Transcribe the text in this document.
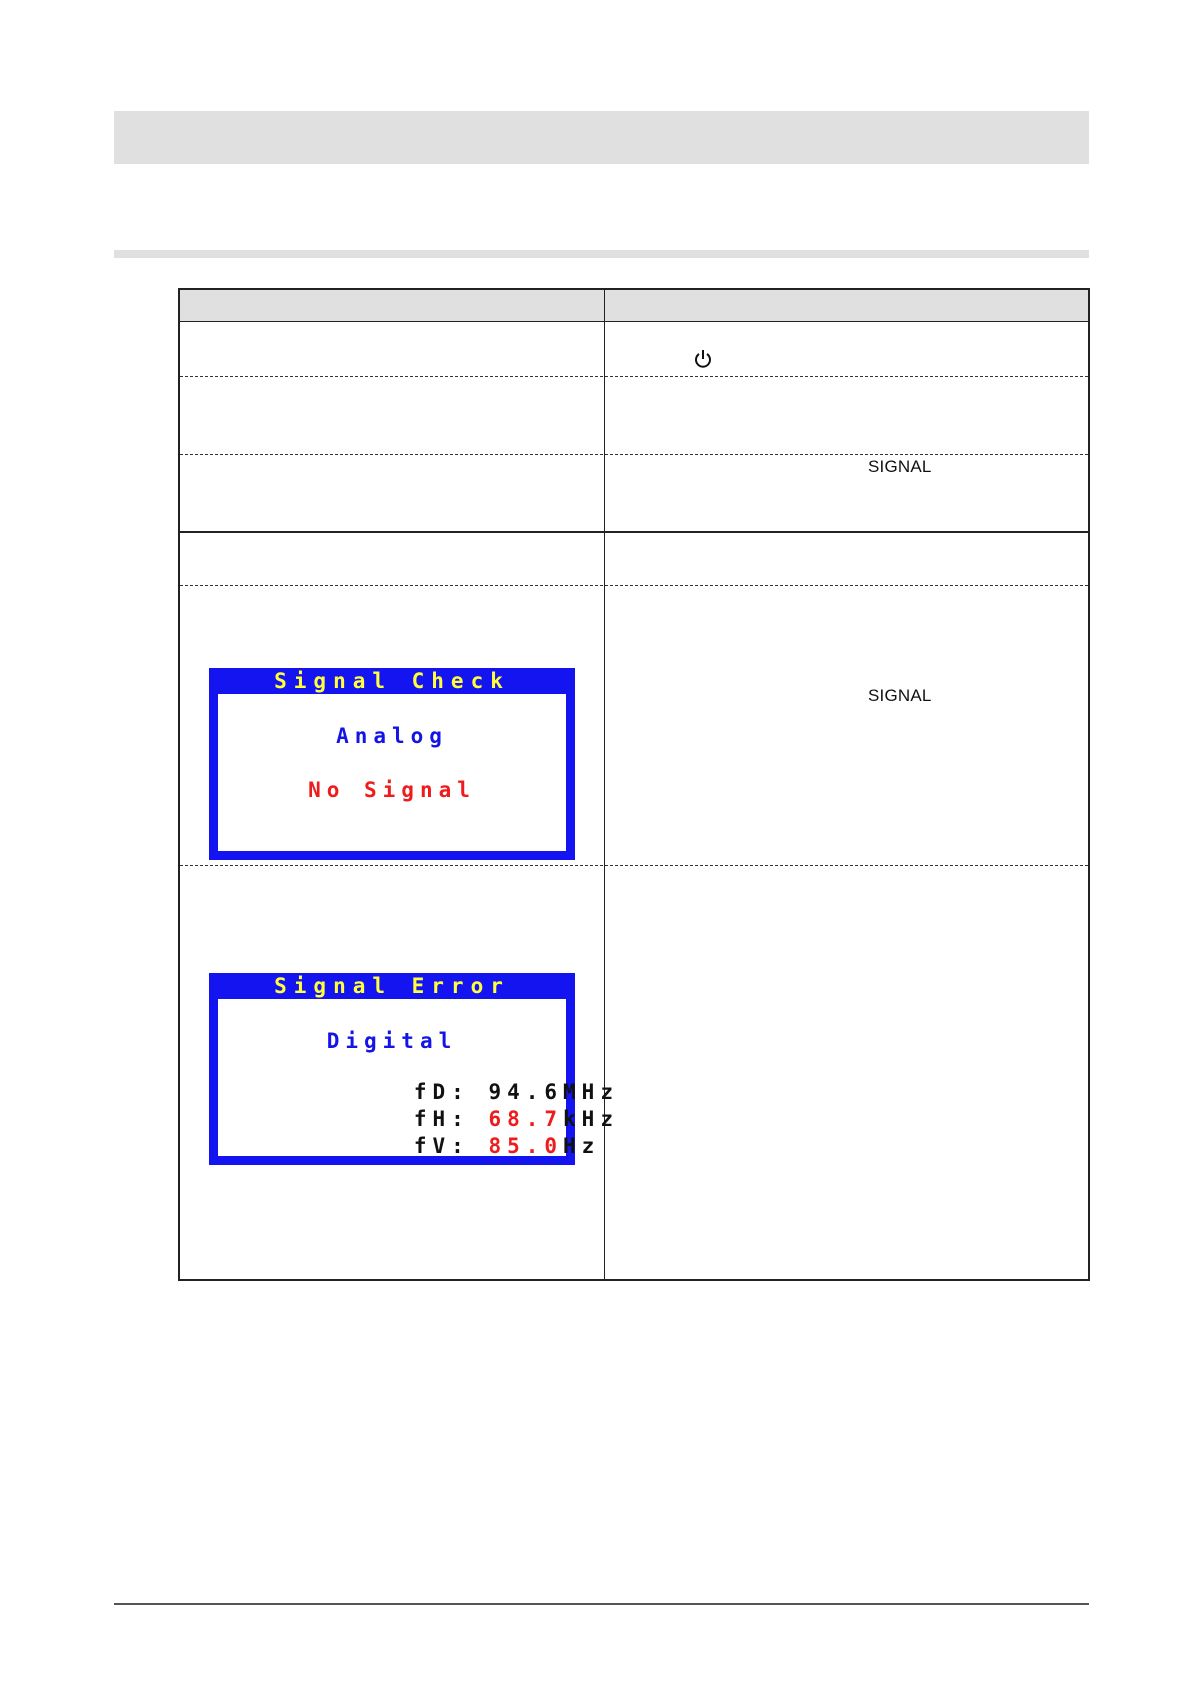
SIGNAL
SIGNAL
Signal Check
Analog
No Signal
Signal Error
Digital

fD: 94.6MHz

fH: 68.7kHz

fV: 85.0Hz
